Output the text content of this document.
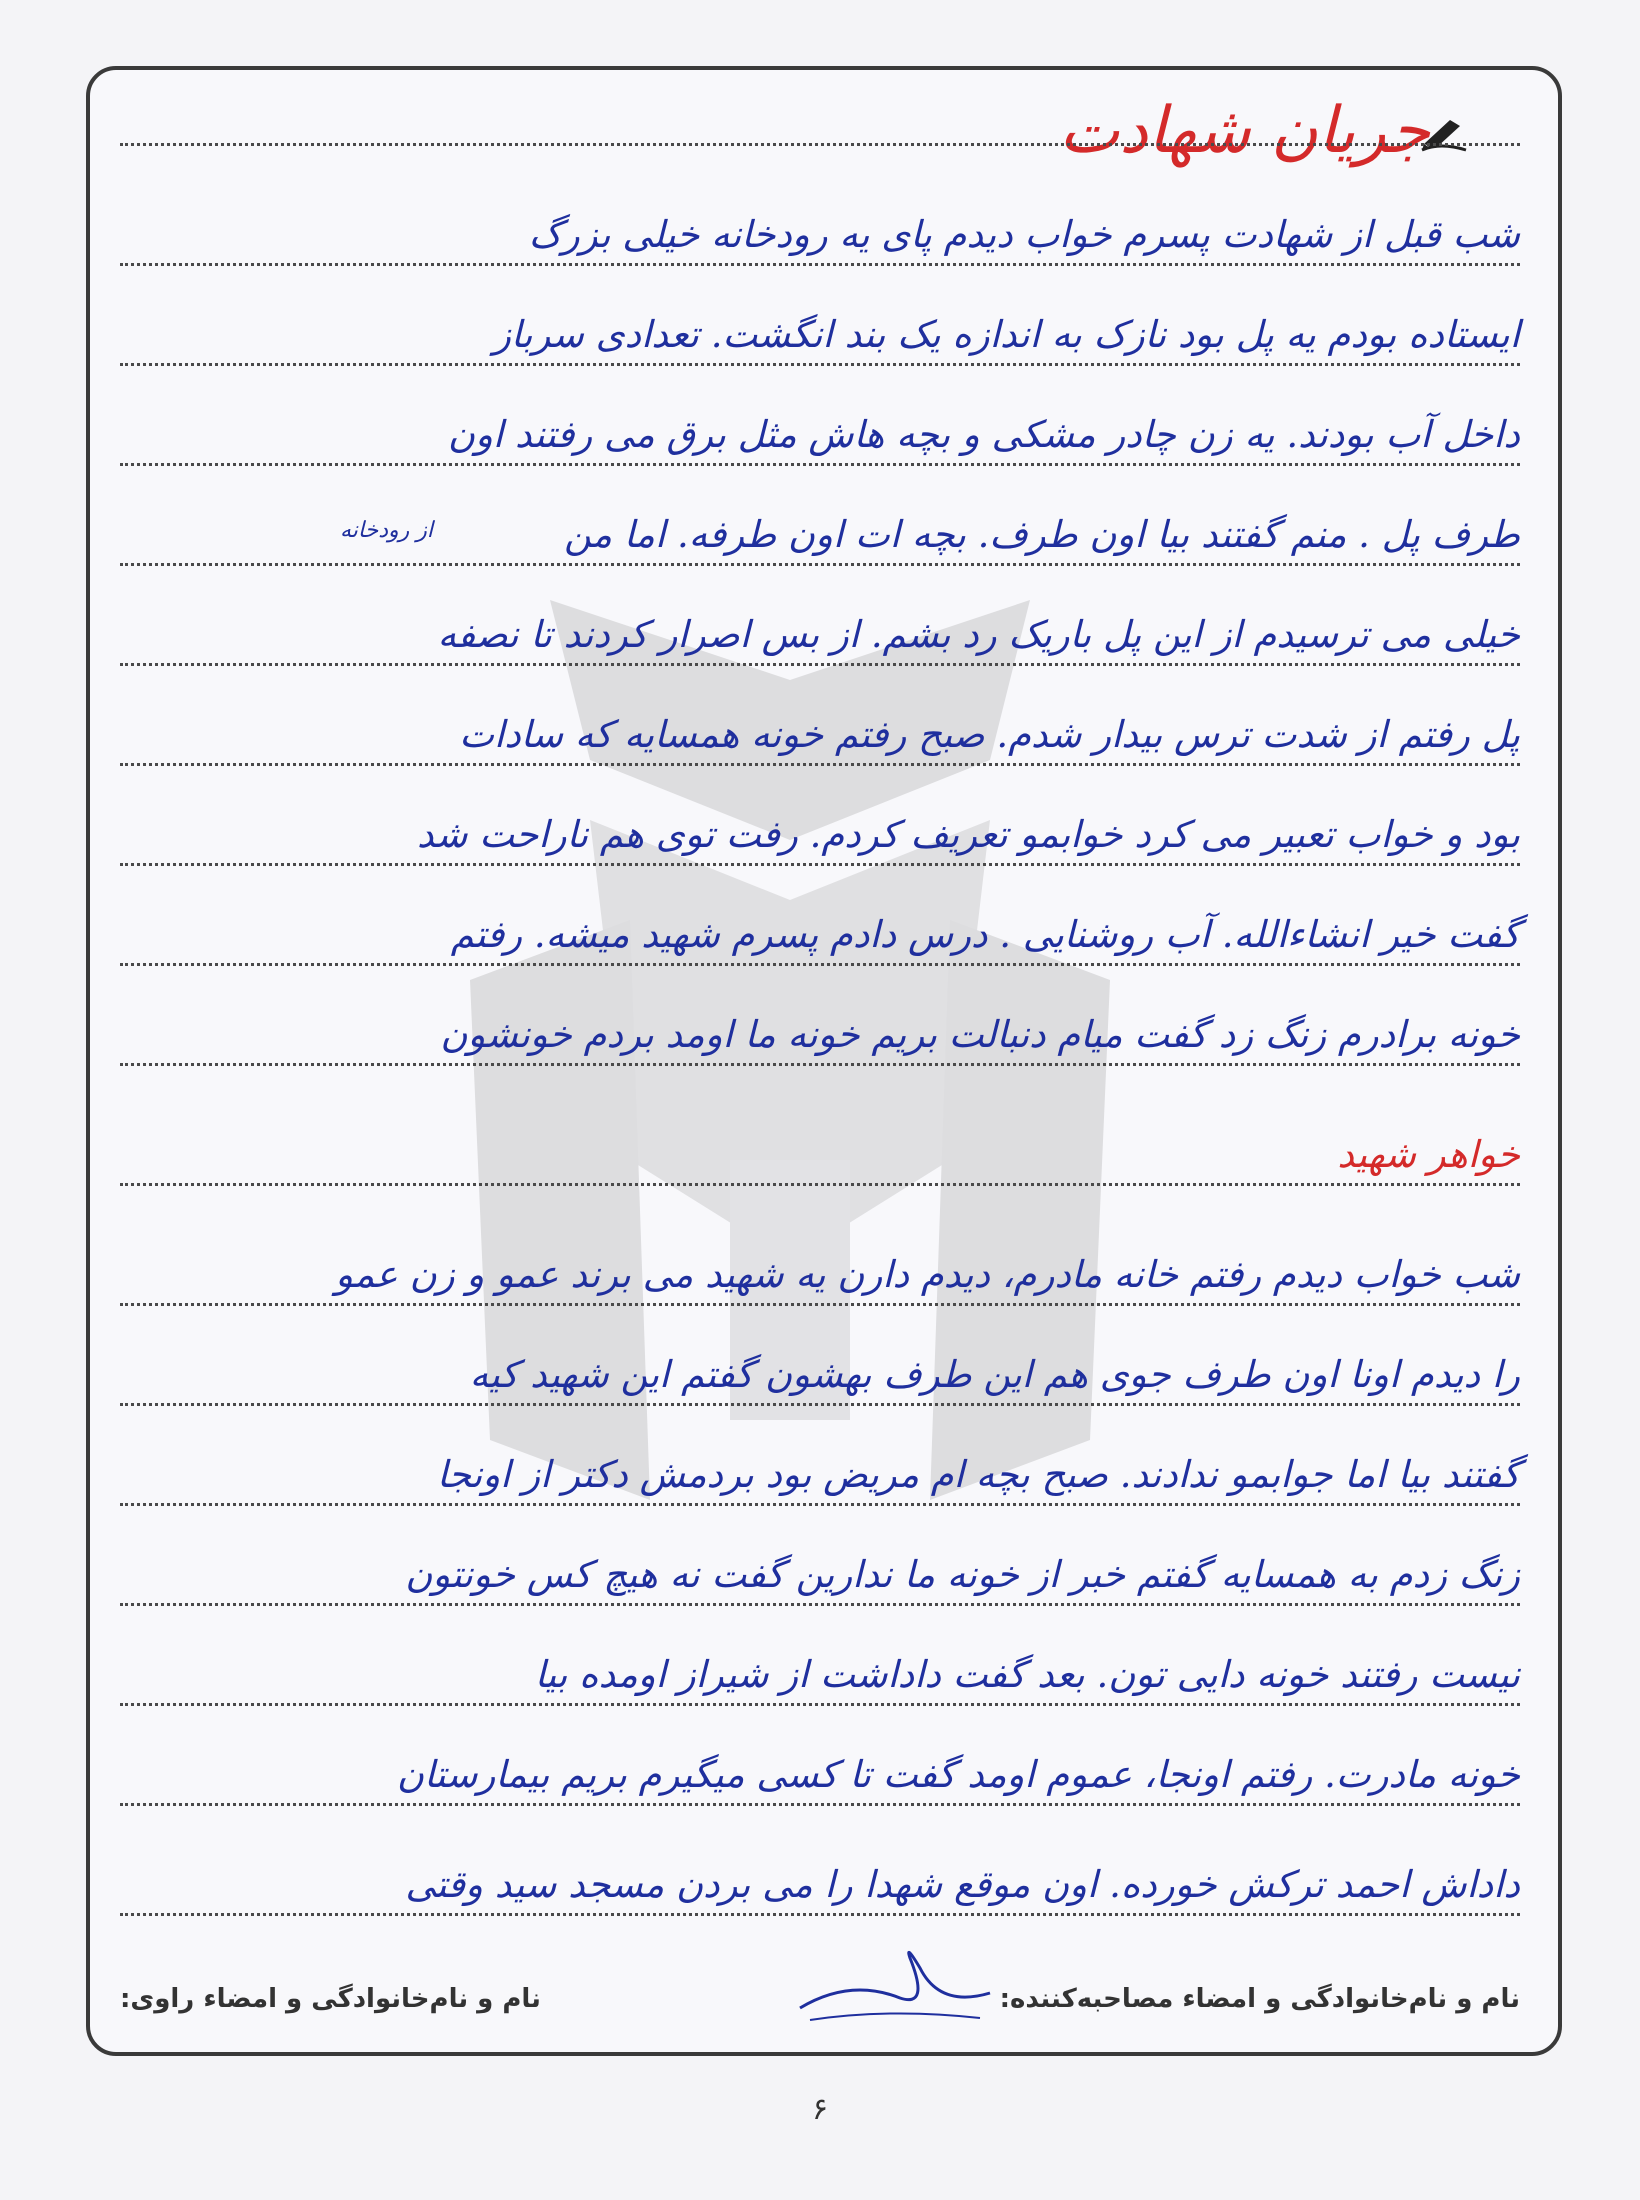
جریان شهادت
شب قبل از شهادت پسرم خواب دیدم پای یه رودخانه خیلی بزرگ
ایستاده بودم یه پل بود نازک به اندازه یک بند انگشت. تعدادی سرباز
داخل آب بودند. یه زن چادر مشکی و بچه هاش مثل برق می رفتند اون
طرف پل . منم گفتند بیا اون طرف. بچه ات اون طرفه. اما من
خیلی می ترسیدم از این پل باریک رد بشم. از بس اصرار کردند تا نصفه
پل رفتم از شدت ترس بیدار شدم. صبح رفتم خونه همسایه که سادات
بود و خواب تعبیر می کرد خوابمو تعریف کردم. رفت توی هم ناراحت شد
گفت خیر انشاءالله. آب روشنایی . درس دادم پسرم شهید میشه. رفتم
خونه برادرم زنگ زد گفت میام دنبالت بریم خونه ما اومد بردم خونشون
خواهر شهید
شب خواب دیدم رفتم خانه مادرم، دیدم دارن یه شهید می برند عمو و زن عمو
را دیدم اونا اون طرف جوی هم این طرف بهشون گفتم این شهید کیه
گفتند بیا اما جوابمو ندادند. صبح بچه ام مریض بود بردمش دکتر از اونجا
زنگ زدم به همسایه گفتم خبر از خونه ما ندارین گفت نه هیچ کس خونتون
نیست رفتند خونه دایی تون. بعد گفت داداشت از شیراز اومده بیا
خونه مادرت. رفتم اونجا، عموم اومد گفت تا کسی میگیرم بریم بیمارستان
داداش احمد ترکش خورده. اون موقع شهدا را می بردن مسجد سید وقتی
از رودخانه
نام و نام‌خانوادگی و امضاء مصاحبه‌کننده:
نام و نام‌خانوادگی و امضاء راوی:
۶
